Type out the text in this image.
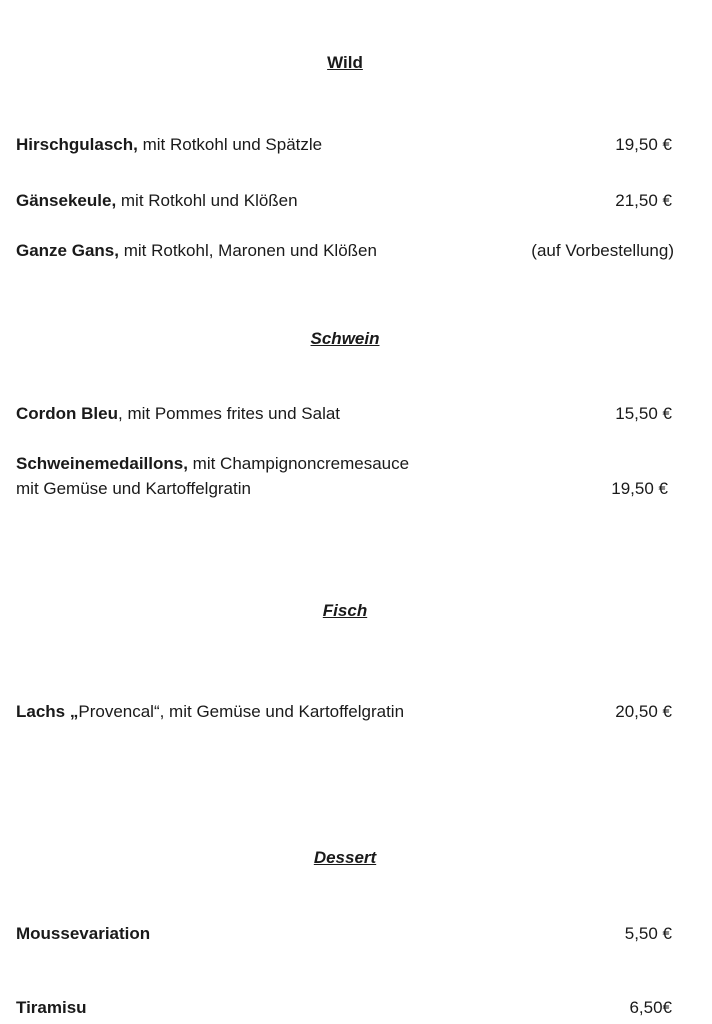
Wild
Hirschgulasch, mit Rotkohl und Spätzle	19,50 €
Gänsekeule, mit Rotkohl und Klößen	21,50 €
Ganze Gans, mit Rotkohl, Maronen und Klößen	(auf Vorbestellung)
Schwein
Cordon Bleu, mit Pommes frites und Salat	15,50 €
Schweinemedaillons, mit Champignoncremesauce
mit Gemüse und Kartoffelgratin	19,50 €
Fisch
Lachs „Provencal“, mit Gemüse und Kartoffelgratin	20,50 €
Dessert
Moussevariation	5,50 €
Tiramisu	6,50€
